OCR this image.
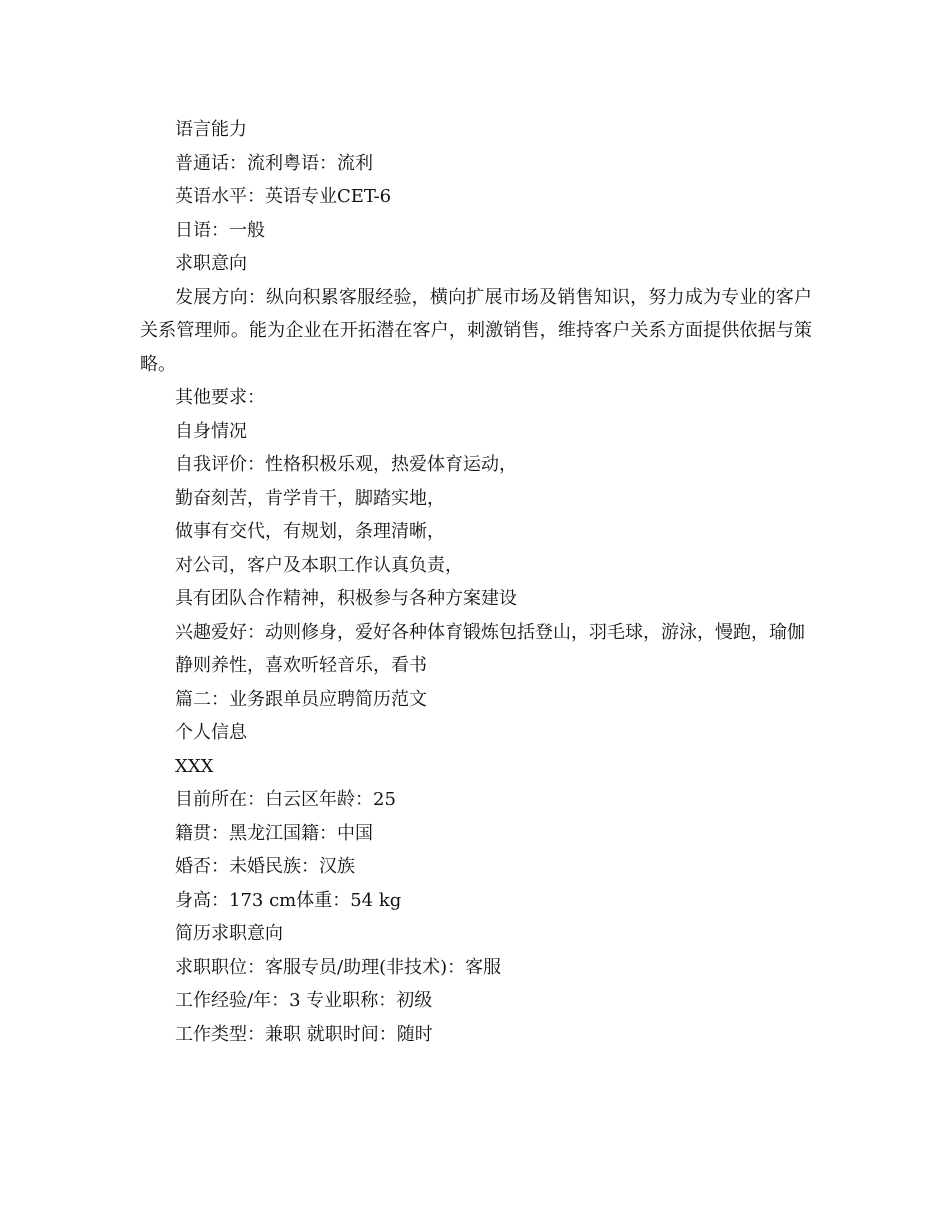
语言能力

普通话：流利粤语：流利

英语水平：英语专业CET-6

日语：一般

求职意向

发展方向：纵向积累客服经验，横向扩展市场及销售知识，努力成为专业的客户 关系管理师。能为企业在开拓潜在客户，刺激销售，维持客户关系方面提供依据与策 略。

其他要求：

自身情况

自我评价：性格积极乐观，热爱体育运动，

勤奋刻苦，肯学肯干，脚踏实地，

做事有交代，有规划，条理清晰，

对公司，客户及本职工作认真负责，

具有团队合作精神，积极参与各种方案建设

兴趣爱好：动则修身，爱好各种体育锻炼包括登山，羽毛球，游泳，慢跑，瑜伽

静则养性，喜欢听轻音乐，看书

篇二：业务跟单员应聘简历范文

个人信息

XXX

目前所在：白云区年龄：25

籍贯：黑龙江国籍：中国

婚否：未婚民族：汉族

身高：173 cm体重：54 kg

简历求职意向

求职职位：客服专员/助理(非技术)：客服

工作经验/年：3 专业职称：初级

工作类型：兼职 就职时间：随时
